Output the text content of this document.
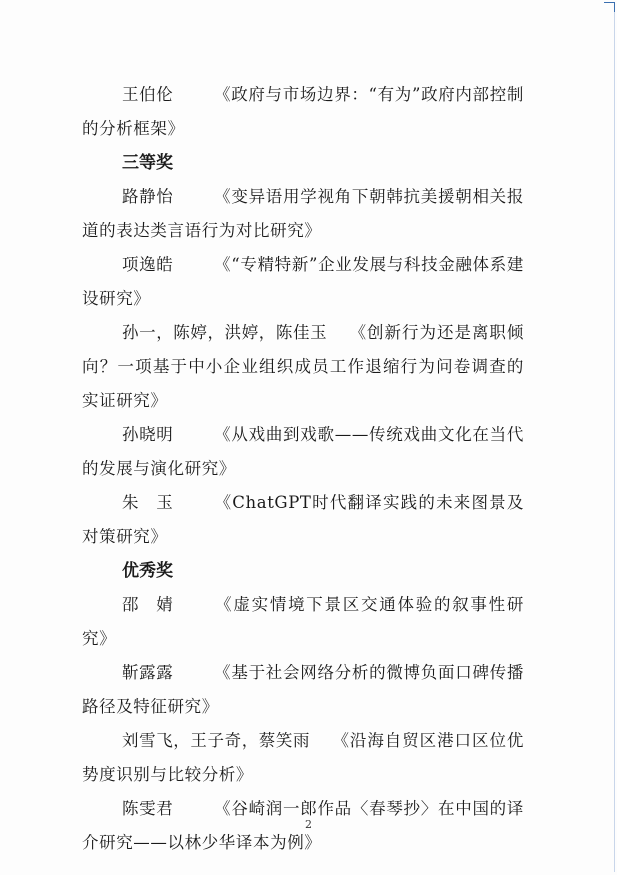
王伯伦 《政府与市场边界：“有为”政府内部控制的分析框架》

三等奖

路静怡 《变异语用学视角下朝韩抗美援朝相关报道的表达类言语行为对比研究》

项逸皓 《“专精特新”企业发展与科技金融体系建设研究》

孙一，陈婷，洪婷，陈佳玉 《创新行为还是离职倾向？一项基于中小企业组织成员工作退缩行为问卷调查的实证研究》

孙晓明 《从戏曲到戏歌——传统戏曲文化在当代的发展与演化研究》

朱　玉 《ChatGPT时代翻译实践的未来图景及对策研究》

优秀奖

邵　婧 《虚实情境下景区交通体验的叙事性研究》

靳露露 《基于社会网络分析的微博负面口碑传播路径及特征研究》

刘雪飞，王子奇，蔡笑雨 《沿海自贸区港口区位优势度识别与比较分析》

陈雯君 《谷崎润一郎作品〈春琴抄〉在中国的译介研究——以林少华译本为例》

2
